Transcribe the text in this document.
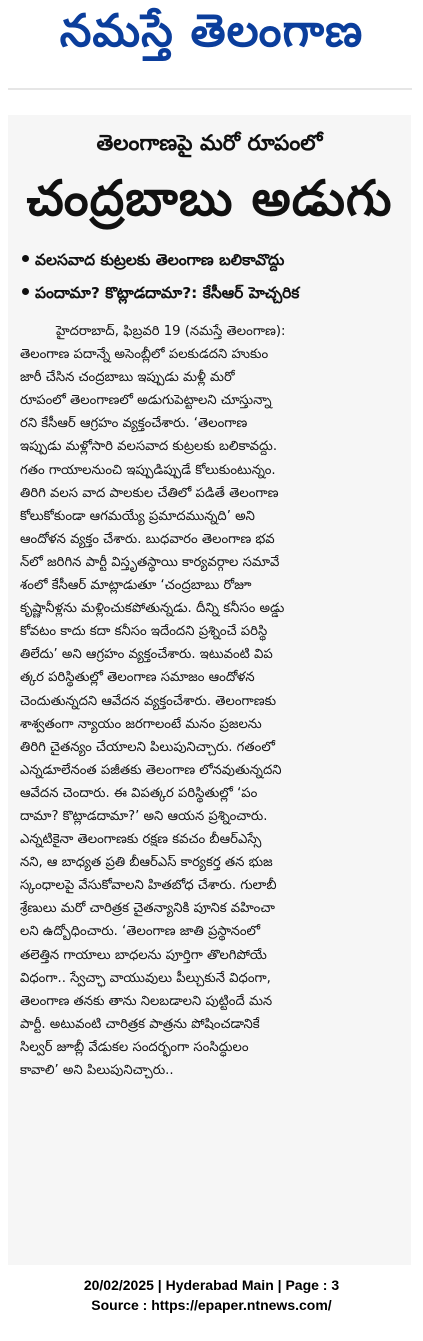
నమస్తే తెలంగాణ
తెలంగాణపై మరో రూపంలో
చంద్రబాబు అడుగు
వలసవాద కుట్రలకు తెలంగాణ బలికావొద్దు
పందామా? కొట్లాడదామా?: కేసీఆర్ హెచ్చరిక
హైదరాబాద్, ఫిబ్రవరి 19 (నమస్తే తెలంగాణ):
తెలంగాణ పదాన్నే అసెంబ్లీలో పలకుడదని హుకుం
జారీ చేసిన చంద్రబాబు ఇప్పుడు మళ్లీ మరో
రూపంలో తెలంగాణలో అడుగుపెట్టాలని చూస్తున్నా
రని కేసీఆర్ ఆగ్రహం వ్యక్తంచేశారు. ‘తెలంగాణ
ఇప్పుడు మళ్లోసారి వలసవాద కుట్రలకు బలికావద్దు.
గతం గాయాలనుంచి ఇప్పుడిప్పుడే కోలుకుంటున్నం.
తిరిగి వలస వాద పాలకుల చేతిలో పడితే తెలంగాణ
కోలుకోకుండా ఆగమయ్యే ప్రమాదమున్నది’ అని
ఆందోళన వ్యక్తం చేశారు. బుధవారం తెలంగాణ భవ
న్‌లో జరిగిన పార్టీ విస్తృతస్థాయి కార్యవర్గాల సమావే
శంలో కేసీఆర్ మాట్లాడుతూ ‘చంద్రబాబు రోజూ
కృష్ణానీళ్లను మళ్లించుకపోతున్నడు. దీన్ని కనీసం అడ్డు
కోవటం కాదు కదా కనీసం ఇదేందని ప్రశ్నించే పరిస్థి
తిలేదు’ అని ఆగ్రహం వ్యక్తంచేశారు. ఇటువంటి విప
త్కర పరిస్థితుల్లో తెలంగాణ సమాజం ఆందోళన
చెందుతున్నదని ఆవేదన వ్యక్తంచేశారు. తెలంగాణకు
శాశ్వతంగా న్యాయం జరగాలంటే మనం ప్రజలను
తిరిగి చైతన్యం చేయాలని పిలుపునిచ్చారు. గతంలో
ఎన్నడూలేనంత పజీతకు తెలంగాణ లోనవుతున్నదని
ఆవేదన చెందారు. ఈ విపత్కర పరిస్థితుల్లో ‘పం
దామా? కొట్లాడదామా?’ అని ఆయన ప్రశ్నించారు.
ఎన్నటికైనా తెలంగాణకు రక్షణ కవచం బీఆర్‌ఎస్సే
నని, ఆ బాధ్యత ప్రతి బీఆర్‌ఎస్ కార్యకర్త తన భుజ
స్కంధాలపై వేసుకోవాలని హితబోధ చేశారు. గులాబీ
శ్రేణులు మరో చారిత్రక చైతన్యానికి పూనిక వహించా
లని ఉద్బోధించారు. ‘తెలంగాణ జాతి ప్రస్థానంలో
తలెత్తిన గాయాలు బాధలను పూర్తిగా తొలగిపోయే
విధంగా.. స్వేచ్ఛా వాయువులు పీల్చుకునే విధంగా,
తెలంగాణ తనకు తాను నిలబడాలని పుట్టిందే మన
పార్టీ. అటువంటి చారిత్రక పాత్రను పోషించడానికే
సిల్వర్ జూబ్లీ వేడుకల సందర్భంగా సంసిద్ధులం
కావాలి’ అని పిలుపునిచ్చారు..
20/02/2025 | Hyderabad Main | Page : 3
Source : https://epaper.ntnews.com/
